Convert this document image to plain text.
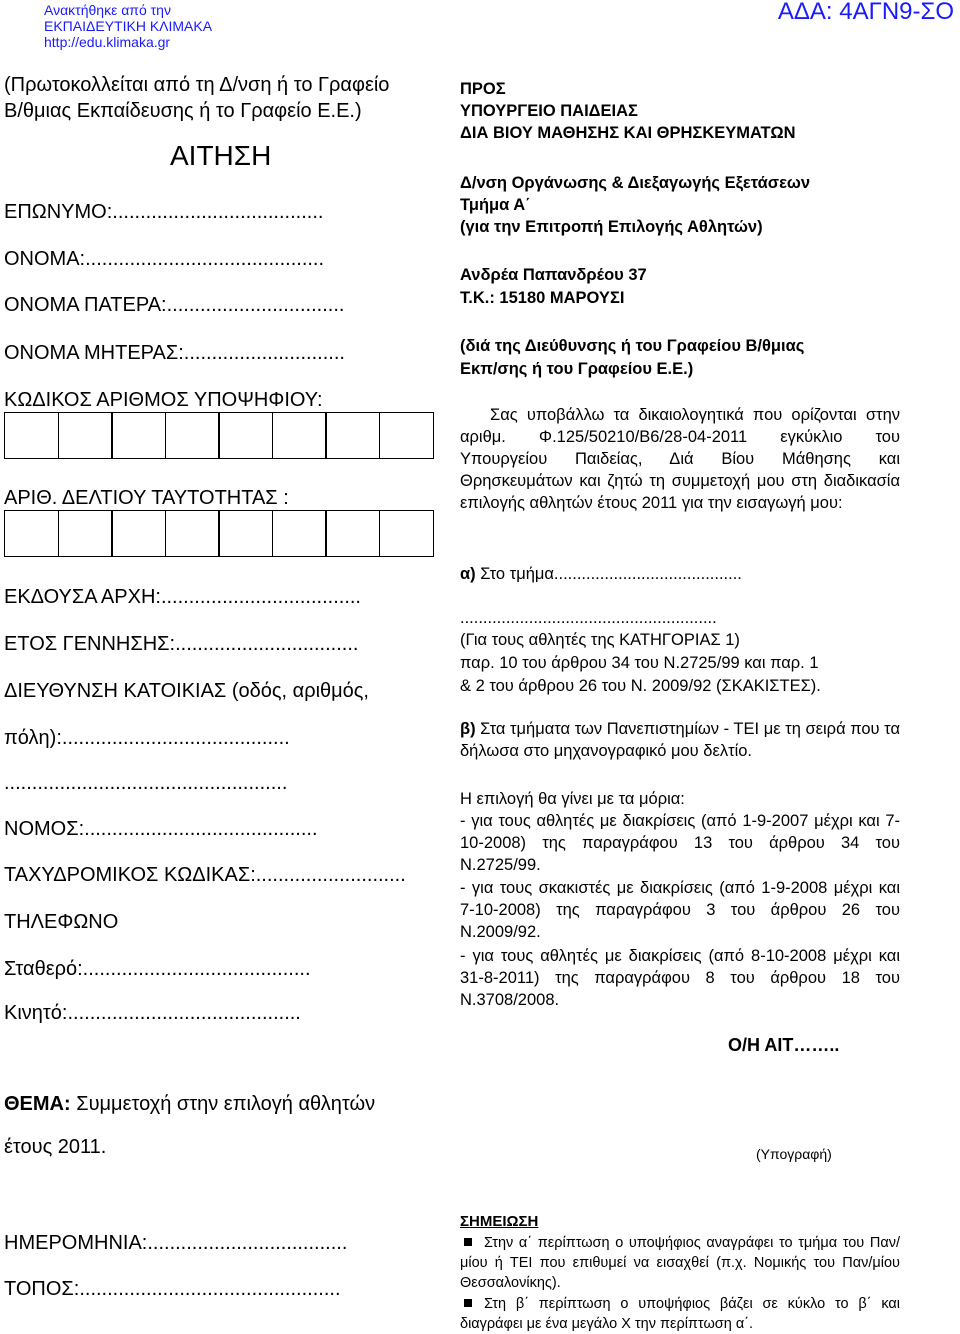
Ανακτήθηκε από την
ΕΚΠΑΙΔΕΥΤΙΚΗ ΚΛΙΜΑΚΑ
http://edu.klimaka.gr
ΑΔΑ: 4ΑΓΝ9-ΣΟ
(Πρωτοκολλείται από τη Δ/νση ή το Γραφείο
Β/θμιας Εκπαίδευσης ή το Γραφείο Ε.Ε.)
ΑΙΤΗΣΗ
ΕΠΩΝΥΜΟ:......................................
ΟΝΟΜΑ:...........................................
ΟΝΟΜΑ ΠΑΤΕΡΑ:................................
ΟΝΟΜΑ ΜΗΤΕΡΑΣ:.............................
ΚΩΔΙΚΟΣ ΑΡΙΘΜΟΣ ΥΠΟΨΗΦΙΟΥ:
ΑΡΙΘ. ΔΕΛΤΙΟΥ ΤΑΥΤΟΤΗΤΑΣ :
ΕΚΔΟΥΣΑ ΑΡΧΗ:....................................
ΕΤΟΣ ΓΕΝΝΗΣΗΣ:.................................
ΔΙΕΥΘΥΝΣΗ ΚΑΤΟΙΚΙΑΣ (οδός, αριθμός,
πόλη):.........................................
...................................................
ΝΟΜΟΣ:..........................................
ΤΑΧΥΔΡΟΜΙΚΟΣ ΚΩΔΙΚΑΣ:...........................
ΤΗΛΕΦΩΝΟ
Σταθερό:.........................................
Κινητό:..........................................
ΘΕΜΑ: Συμμετοχή στην επιλογή αθλητών
έτους 2011.
ΗΜΕΡΟΜΗΝΙΑ:....................................
ΤΟΠΟΣ:...............................................
ΠΡΟΣ
ΥΠΟΥΡΓΕΙΟ ΠΑΙΔΕΙΑΣ
ΔΙΑ ΒΙΟΥ ΜΑΘΗΣΗΣ ΚΑΙ ΘΡΗΣΚΕΥΜΑΤΩΝ
Δ/νση Οργάνωσης & Διεξαγωγής Εξετάσεων
Τμήμα Α΄
(για την Επιτροπή Επιλογής Αθλητών)
Ανδρέα Παπανδρέου 37
Τ.Κ.: 15180 ΜΑΡΟΥΣΙ
(διά της Διεύθυνσης ή του Γραφείου Β/θμιας
Εκπ/σης ή του Γραφείου Ε.Ε.)
Σας υποβάλλω τα δικαιολογητικά που ορίζονται στην αριθμ. Φ.125/50210/Β6/28-04-2011 εγκύκλιο του Υπουργείου Παιδείας, Διά Βίου Μάθησης και Θρησκευμάτων και ζητώ τη συμμετοχή μου στη διαδικασία επιλογής αθλητών έτους 2011 για την εισαγωγή μου:
α) Στο τμήμα.........................................
........................................................
(Για τους αθλητές της ΚΑΤΗΓΟΡΙΑΣ 1)
παρ. 10 του άρθρου 34 του Ν.2725/99 και παρ. 1
& 2 του άρθρου 26 του Ν. 2009/92 (ΣΚΑΚΙΣΤΕΣ).
β) Στα τμήματα των Πανεπιστημίων - ΤΕΙ με τη σειρά που τα δήλωσα στο μηχανογραφικό μου δελτίο.
Η επιλογή θα γίνει με τα μόρια:
- για τους αθλητές με διακρίσεις (από 1-9-2007 μέχρι και 7-10-2008) της παραγράφου 13 του άρθρου 34 του Ν.2725/99.
- για τους σκακιστές με διακρίσεις (από 1-9-2008 μέχρι και 7-10-2008) της παραγράφου 3 του άρθρου 26 του Ν.2009/92.
- για τους αθλητές με διακρίσεις (από 8-10-2008 μέχρι και 31-8-2011) της παραγράφου 8 του άρθρου 18 του Ν.3708/2008.
Ο/Η ΑΙΤ……..
(Υπογραφή)
ΣΗΜΕΙΩΣΗ
Στην α΄ περίπτωση ο υποψήφιος αναγράφει το τμήμα του Παν/μίου ή ΤΕΙ που επιθυμεί να εισαχθεί (π.χ. Νομικής του Παν/μίου Θεσσαλονίκης).
Στη β΄ περίπτωση ο υποψήφιος βάζει σε κύκλο το β΄ και διαγράφει με ένα μεγάλο Χ την περίπτωση α΄.
